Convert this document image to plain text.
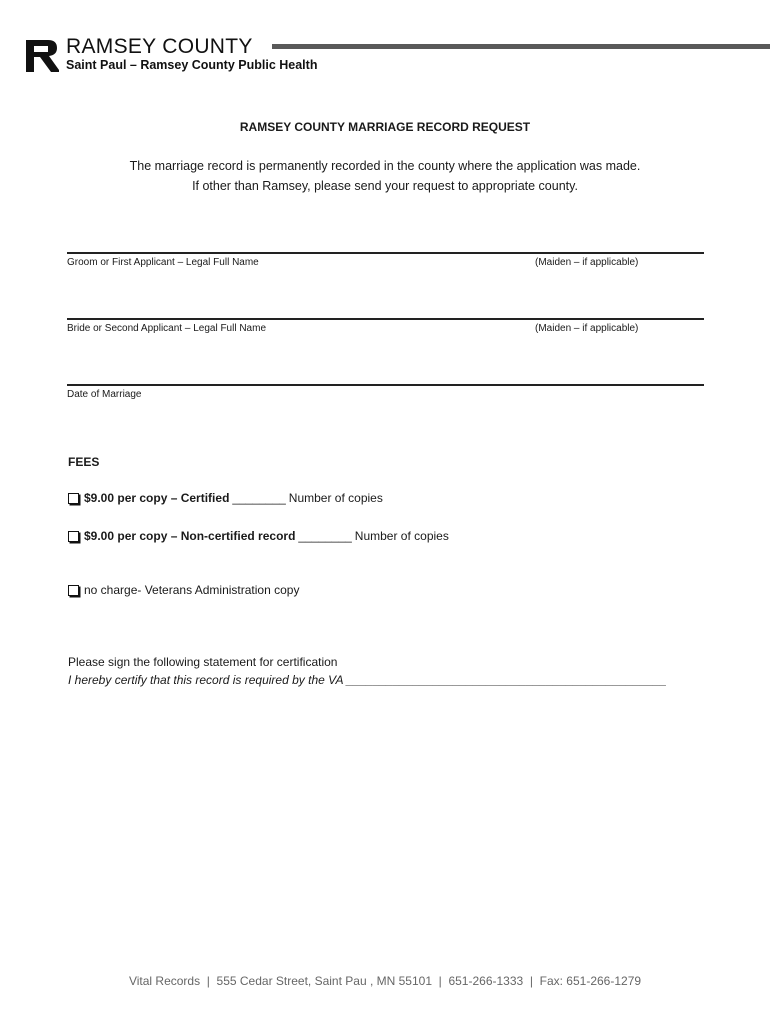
RAMSEY COUNTY
Saint Paul – Ramsey County Public Health
RAMSEY COUNTY MARRIAGE RECORD REQUEST
The marriage record is permanently recorded in the county where the application was made.
If other than Ramsey, please send your request to appropriate county.
Groom or First Applicant – Legal Full Name	(Maiden – if applicable)
Bride or Second Applicant – Legal Full Name	(Maiden – if applicable)
Date of Marriage
FEES
$9.00 per copy – Certified ________ Number of copies
$9.00 per copy – Non-certified record ________ Number of copies
no charge- Veterans Administration copy
Please sign the following statement for certification
I hereby certify that this record is required by the VA ________________________________________________
Vital Records  |  555 Cedar Street, Saint Pau , MN 55101  |  651-266-1333  |  Fax: 651-266-1279
